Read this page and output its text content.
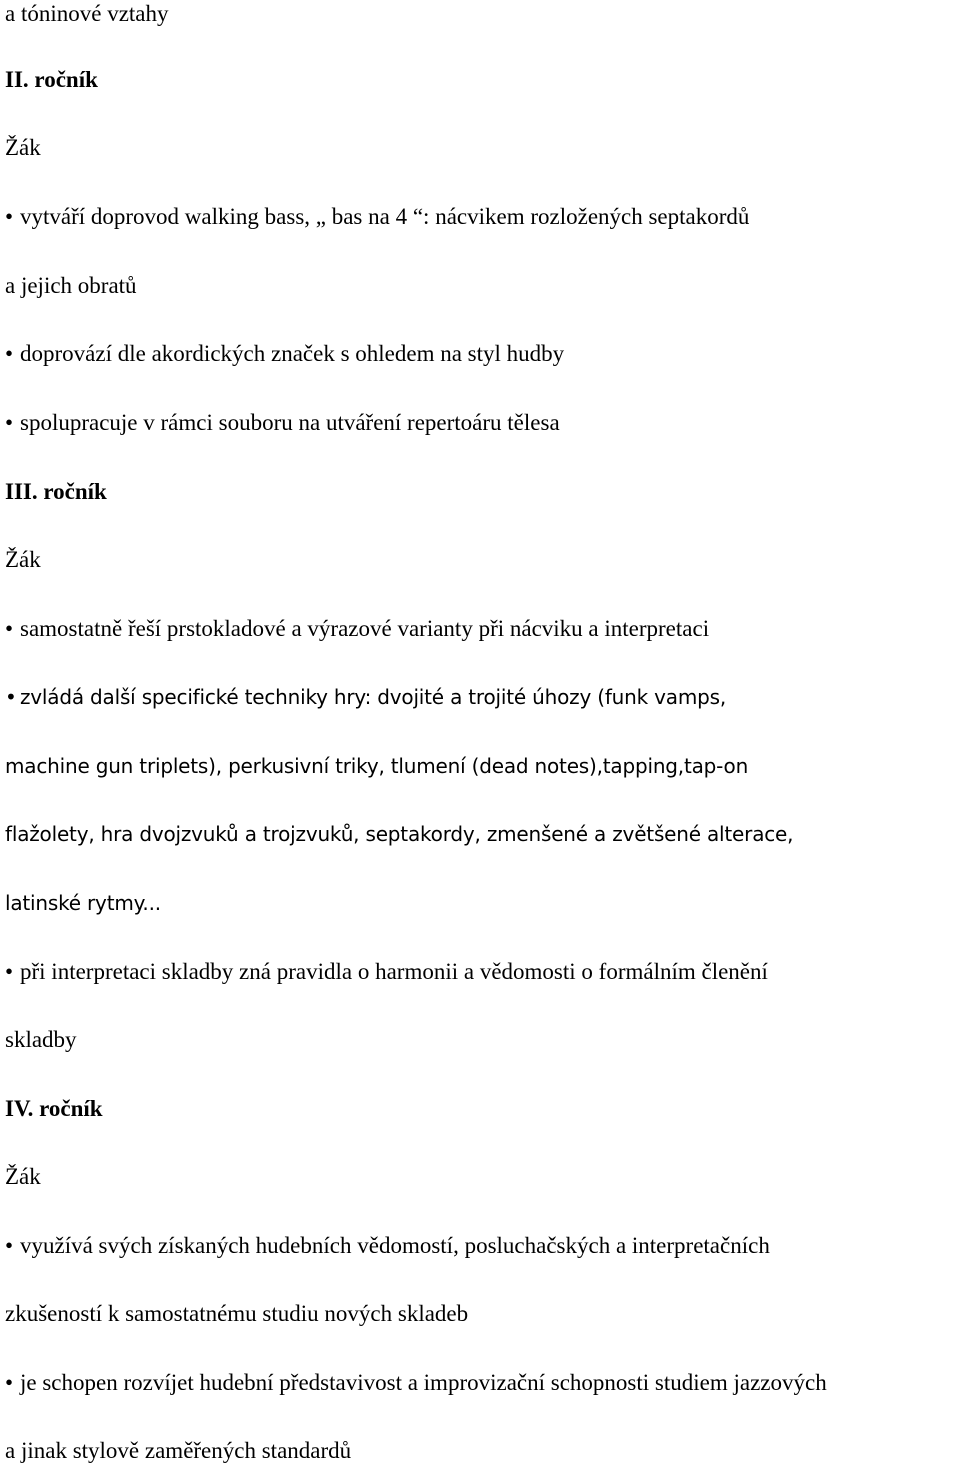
a tóninové vztahy
II. ročník
Žák
• vytváří doprovod walking bass, „ bas na 4 “: nácvikem rozložených septakordů
a jejich obratů
• doprovází dle akordických značek s ohledem na styl hudby
• spolupracuje v rámci souboru na utváření repertoáru tělesa
III. ročník
Žák
• samostatně řeší prstokladové a výrazové varianty při nácviku a interpretaci
• zvládá další specifické techniky hry: dvojité a trojité úhozy (funk vamps,
machine gun triplets), perkusivní triky, tlumení (dead notes),tapping,tap-on
flažolety, hra dvojzvuků a trojzvuků, septakordy, zmenšené a zvětšené alterace,
latinské rytmy...
• při interpretaci skladby zná pravidla o harmonii a vědomosti o formálním členění
skladby
IV. ročník
Žák
• využívá svých získaných hudebních vědomostí, posluchačských a interpretačních
zkušeností k samostatnému studiu nových skladeb
• je schopen rozvíjet hudební představivost a improvizační schopnosti studiem jazzových
a jinak stylově zaměřených standardů
